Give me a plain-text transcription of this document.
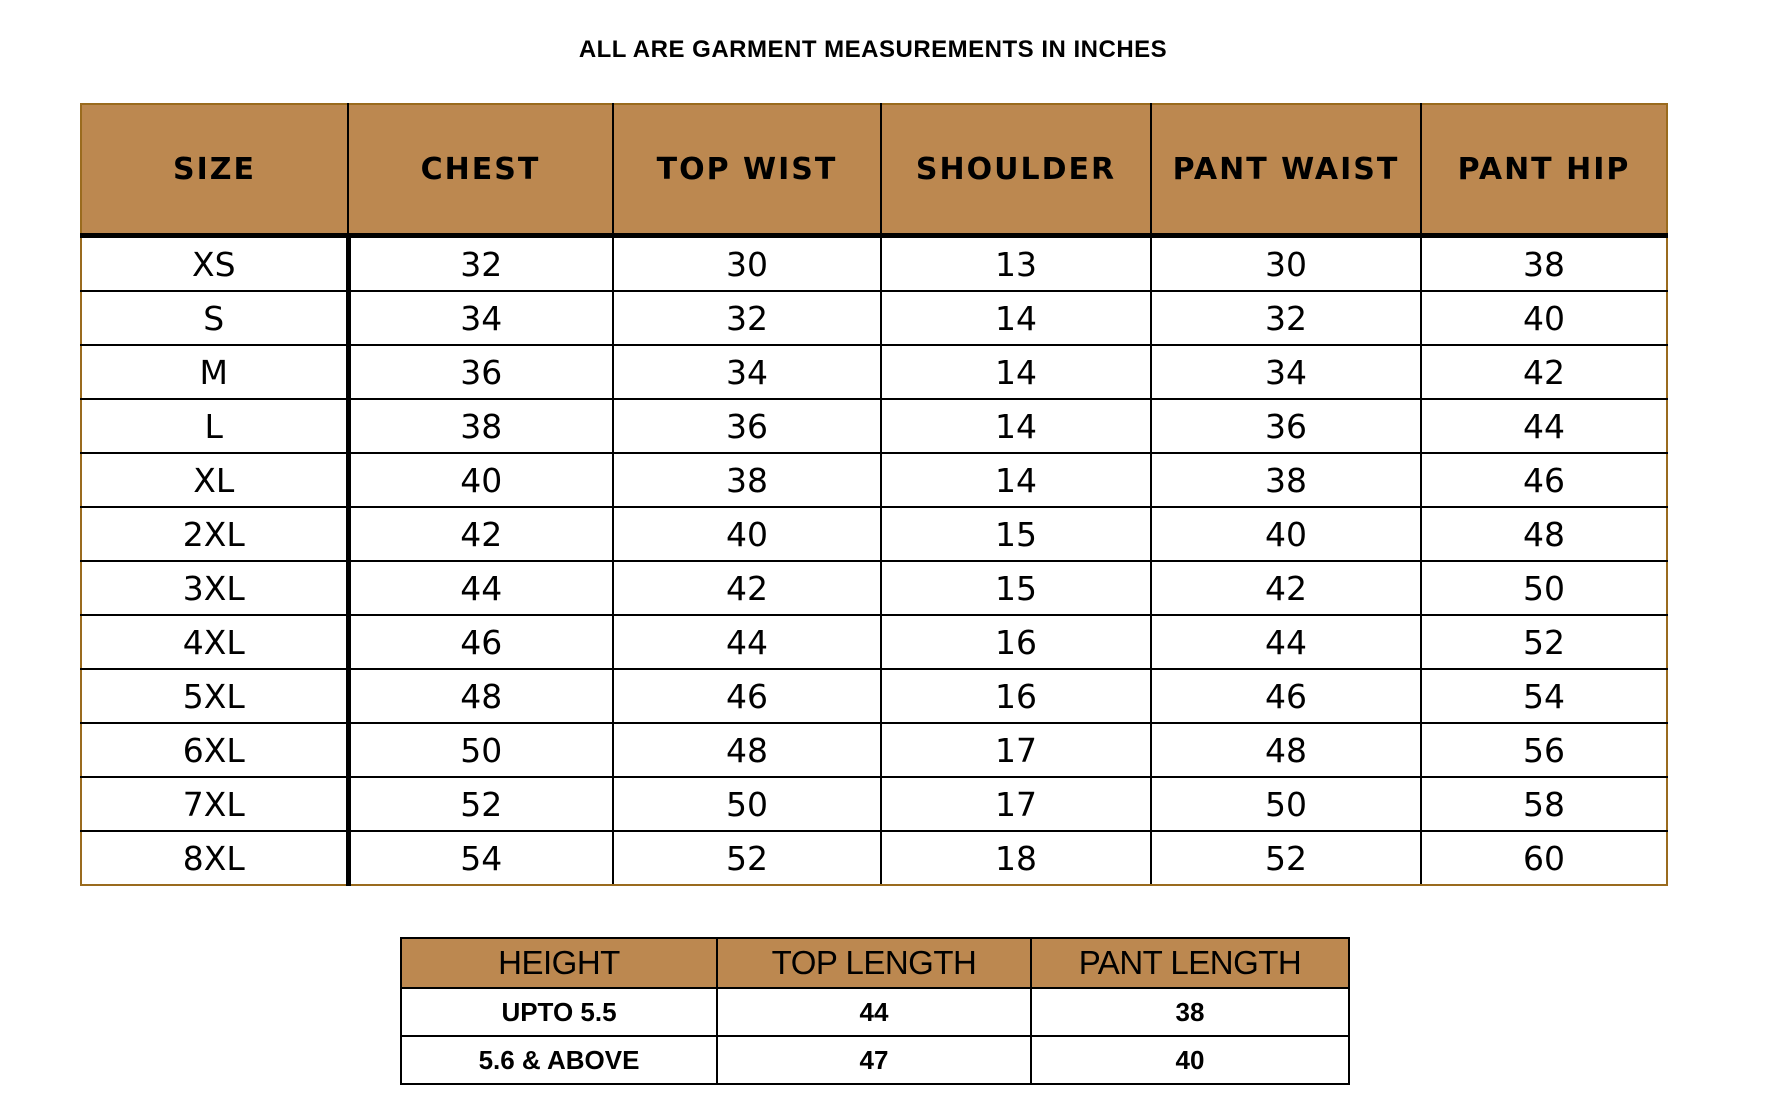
ALL ARE GARMENT MEASUREMENTS IN INCHES
SIZE	CHEST	TOP WIST	SHOULDER	PANT WAIST	PANT HIP
XS	32	30	13	30	38
S	34	32	14	32	40
M	36	34	14	34	42
L	38	36	14	36	44
XL	40	38	14	38	46
2XL	42	40	15	40	48
3XL	44	42	15	42	50
4XL	46	44	16	44	52
5XL	48	46	16	46	54
6XL	50	48	17	48	56
7XL	52	50	17	50	58
8XL	54	52	18	52	60
HEIGHT	TOP LENGTH	PANT LENGTH
UPTO 5.5	44	38
5.6 & ABOVE	47	40
